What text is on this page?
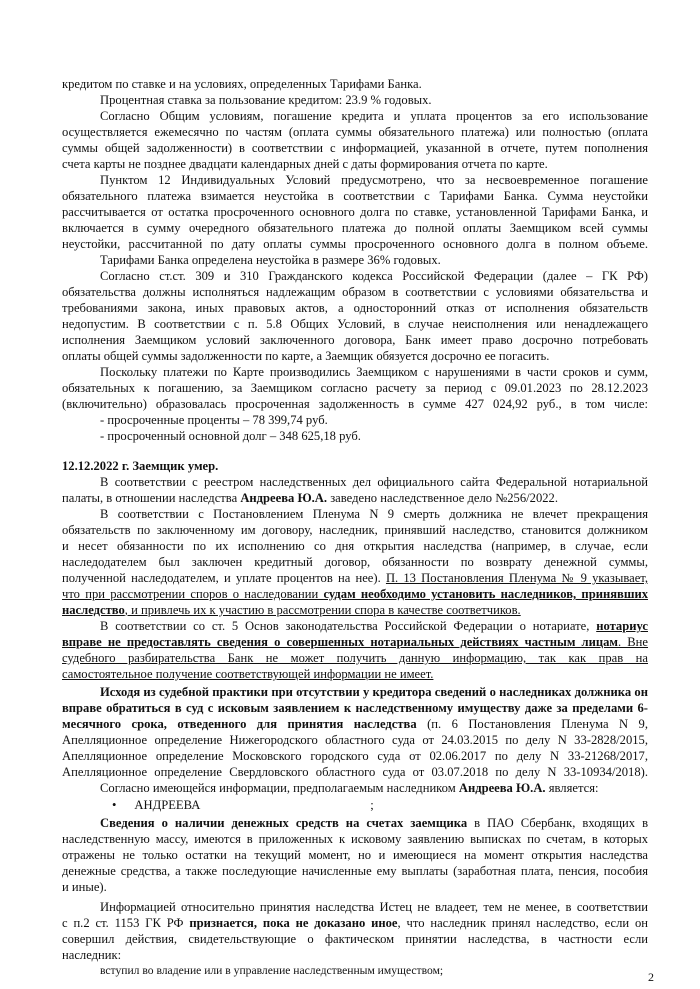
кредитом по ставке и на условиях, определенных Тарифами Банка.
Процентная ставка за пользование кредитом: 23.9 % годовых.
Согласно Общим условиям, погашение кредита и уплата процентов за его использование
осуществляется ежемесячно по частям (оплата суммы обязательного платежа) или полностью (оплата
суммы общей задолженности) в соответствии с информацией, указанной в отчете, путем пополнения
счета карты не позднее двадцати календарных дней с даты формирования отчета по карте.
Пунктом 12 Индивидуальных Условий предусмотрено, что за несвоевременное погашение
обязательного платежа взимается неустойка в соответствии с Тарифами Банка. Сумма неустойки
рассчитывается от остатка просроченного основного долга по ставке, установленной Тарифами Банка, и
включается в сумму очередного обязательного платежа до полной оплаты Заемщиком всей суммы
неустойки, рассчитанной по дату оплаты суммы просроченного основного долга в полном объеме.
Тарифами Банка определена неустойка в размере 36% годовых.
Согласно ст.ст. 309 и 310 Гражданского кодекса Российской Федерации (далее – ГК РФ)
обязательства должны исполняться надлежащим образом в соответствии с условиями обязательства и
требованиями закона, иных правовых актов, а односторонний отказ от исполнения обязательств
недопустим. В соответствии с п. 5.8 Общих Условий, в случае неисполнения или ненадлежащего
исполнения Заемщиком условий заключенного договора, Банк имеет право досрочно потребовать
оплаты общей суммы задолженности по карте, а Заемщик обязуется досрочно ее погасить.
Поскольку платежи по Карте производились Заемщиком с нарушениями в части сроков и сумм,
обязательных к погашению, за Заемщиком согласно расчету за период с 09.01.2023 по 28.12.2023
(включительно) образовалась просроченная задолженность в сумме 427 024,92 руб., в том числе:
- просроченные проценты – 78 399,74 руб.
- просроченный основной долг – 348 625,18 руб.
12.12.2022 г. Заемщик умер.
В соответствии с реестром наследственных дел официального сайта Федеральной нотариальной
палаты, в отношении наследства Андреева Ю.А. заведено наследственное дело №256/2022.
В соответствии с Постановлением Пленума N 9 смерть должника не влечет прекращения
обязательств по заключенному им договору, наследник, принявший наследство, становится должником
и несет обязанности по их исполнению со дня открытия наследства (например, в случае, если
наследодателем был заключен кредитный договор, обязанности по возврату денежной суммы,
полученной наследодателем, и уплате процентов на нее). П. 13 Постановления Пленума № 9 указывает,
что при рассмотрении споров о наследовании судам необходимо установить наследников, принявших
наследство, и привлечь их к участию в рассмотрении спора в качестве соответчиков.
В соответствии со ст. 5 Основ законодательства Российской Федерации о нотариате, нотариус
вправе не предоставлять сведения о совершенных нотариальных действиях частным лицам. Вне
судебного разбирательства Банк не может получить данную информацию, так как прав на
самостоятельное получение соответствующей информации не имеет.
Исходя из судебной практики при отсутствии у кредитора сведений о наследниках должника он
вправе обратиться в суд с исковым заявлением к наследственному имуществу даже за пределами 6-
месячного срока, отведенного для принятия наследства (п. 6 Постановления Пленума N 9,
Апелляционное определение Нижегородского областного суда от 24.03.2015 по делу N 33-2828/2015,
Апелляционное определение Московского городского суда от 02.06.2017 по делу N 33-21268/2017,
Апелляционное определение Свердловского областного суда от 03.07.2018 по делу N 33-10934/2018).
Согласно имеющейся информации, предполагаемым наследником Андреева Ю.А. является:
• АНДРЕЕВА	;
Сведения о наличии денежных средств на счетах заемщика в ПАО Сбербанк, входящих в
наследственную массу, имеются в приложенных к исковому заявлению выписках по счетам, в которых
отражены не только остатки на текущий момент, но и имеющиеся на момент открытия наследства
денежные средства, а также последующие начисленные ему выплаты (заработная плата, пенсия, пособия
и иные).
Информацией относительно принятия наследства Истец не владеет, тем не менее, в соответствии
с п.2 ст. 1153 ГК РФ признается, пока не доказано иное, что наследник принял наследство, если он
совершил действия, свидетельствующие о фактическом принятии наследства, в частности если
наследник:
вступил во владение или в управление наследственным имуществом;	2
